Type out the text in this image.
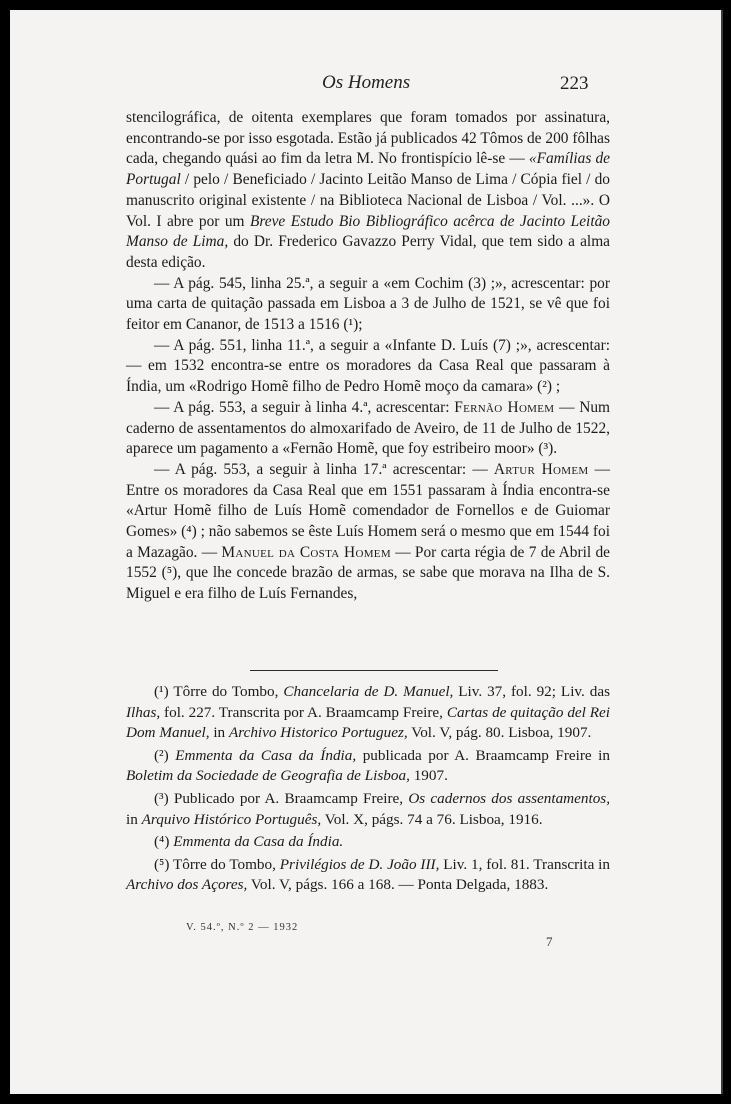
Os Homens	223

stencilográfica, de oitenta exemplares que foram tomados por assinatura, encontrando-se por isso esgotada. Estão já publicados 42 Tômos de 200 fôlhas cada, chegando quási ao fim da letra M. No frontispício lê-se — «Famílias de Portugal / pelo / Beneficiado / Jacinto Leitão Manso de Lima / Cópia fiel / do manuscrito original existente / na Biblioteca Nacional de Lisboa / Vol. ...». O Vol. I abre por um Breve Estudo Bio Bibliográfico acêrca de Jacinto Leitão Manso de Lima, do Dr. Frederico Gavazzo Perry Vidal, que tem sido a alma desta edição.

— A pág. 545, linha 25.ª, a seguir a «em Cochim (3) ;», acrescentar: por uma carta de quitação passada em Lisboa a 3 de Julho de 1521, se vê que foi feitor em Cananor, de 1513 a 1516 (¹);

— A pág. 551, linha 11.ª, a seguir a «Infante D. Luís (7) ;», acrescentar: — em 1532 encontra-se entre os moradores da Casa Real que passaram à Índia, um «Rodrigo Homẽ filho de Pedro Homẽ moço da camara» (²) ;

— A pág. 553, a seguir à linha 4.ª, acrescentar: Fernão Homem — Num caderno de assentamentos do almoxarifado de Aveiro, de 11 de Julho de 1522, aparece um pagamento a «Fernão Homẽ, que foy estribeiro moor» (³).

— A pág. 553, a seguir à linha 17.ª acrescentar: — Artur Homem — Entre os moradores da Casa Real que em 1551 passaram à Índia encontra-se «Artur Homẽ filho de Luís Homẽ comendador de Fornellos e de Guiomar Gomes» (⁴) ; não sabemos se êste Luís Homem será o mesmo que em 1544 foi a Mazagão. — Manuel da Costa Homem — Por carta régia de 7 de Abril de 1552 (⁵), que lhe concede brazão de armas, se sabe que morava na Ilha de S. Miguel e era filho de Luís Fernandes,

(¹) Tôrre do Tombo, Chancelaria de D. Manuel, Liv. 37, fol. 92; Liv. das Ilhas, fol. 227. Transcrita por A. Braamcamp Freire, Cartas de quitação del Rei Dom Manuel, in Archivo Historico Portuguez, Vol. V, pág. 80. Lisboa, 1907.

(²) Emmenta da Casa da Índia, publicada por A. Braamcamp Freire in Boletim da Sociedade de Geografia de Lisboa, 1907.

(³) Publicado por A. Braamcamp Freire, Os cadernos dos assentamentos, in Arquivo Histórico Português, Vol. X, págs. 74 a 76. Lisboa, 1916.

(⁴) Emmenta da Casa da Índia.

(⁵) Tôrre do Tombo, Privilégios de D. João III, Liv. 1, fol. 81. Transcrita in Archivo dos Açores, Vol. V, págs. 166 a 168. — Ponta Delgada, 1883.

V. 54.º, N.º 2 — 1932
7
